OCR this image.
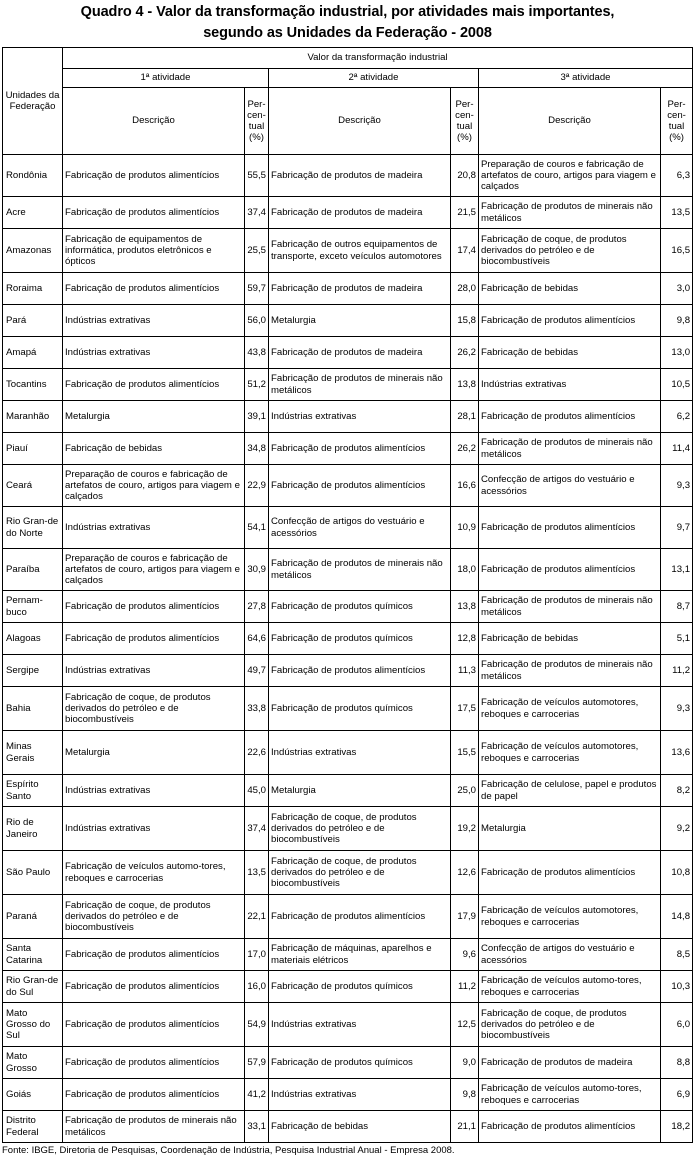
Quadro 4 - Valor da transformação industrial, por atividades mais importantes,
segundo as Unidades da Federação - 2008
Unidades da Federação	Valor da transformação industrial					
	1ª atividade		2ª atividade		3ª atividade	
	Descrição	Per-cen-tual (%)	Descrição	Per-cen-tual (%)	Descrição	Per-cen-tual (%)
Rondônia	Fabricação de produtos alimentícios	55,5	Fabricação de produtos de madeira	20,8	Preparação de couros e fabricação de artefatos de couro, artigos para viagem e calçados	6,3
Acre	Fabricação de produtos alimentícios	37,4	Fabricação de produtos de madeira	21,5	Fabricação de produtos de minerais não metálicos	13,5
Amazonas	Fabricação de equipamentos de informática, produtos eletrônicos e ópticos	25,5	Fabricação de outros equipamentos de transporte, exceto veículos automotores	17,4	Fabricação de coque, de produtos derivados do petróleo e de biocombustíveis	16,5
Roraima	Fabricação de produtos alimentícios	59,7	Fabricação de produtos de madeira	28,0	Fabricação de bebidas	3,0
Pará	Indústrias extrativas	56,0	Metalurgia	15,8	Fabricação de produtos alimentícios	9,8
Amapá	Indústrias extrativas	43,8	Fabricação de produtos de madeira	26,2	Fabricação de bebidas	13,0
Tocantins	Fabricação de produtos alimentícios	51,2	Fabricação de produtos de minerais não metálicos	13,8	Indústrias extrativas	10,5
Maranhão	Metalurgia	39,1	Indústrias extrativas	28,1	Fabricação de produtos alimentícios	6,2
Piauí	Fabricação de bebidas	34,8	Fabricação de produtos alimentícios	26,2	Fabricação de produtos de minerais não metálicos	11,4
Ceará	Preparação de couros e fabricação de artefatos de couro, artigos para viagem e calçados	22,9	Fabricação de produtos alimentícios	16,6	Confecção de artigos do vestuário e acessórios	9,3
Rio Gran-de do Norte	Indústrias extrativas	54,1	Confecção de artigos do vestuário e acessórios	10,9	Fabricação de produtos alimentícios	9,7
Paraíba	Preparação de couros e fabricação de artefatos de couro, artigos para viagem e calçados	30,9	Fabricação de produtos de minerais não metálicos	18,0	Fabricação de produtos alimentícios	13,1
Pernam-buco	Fabricação de produtos alimentícios	27,8	Fabricação de produtos químicos	13,8	Fabricação de produtos de minerais não metálicos	8,7
Alagoas	Fabricação de produtos alimentícios	64,6	Fabricação de produtos químicos	12,8	Fabricação de bebidas	5,1
Sergipe	Indústrias extrativas	49,7	Fabricação de produtos alimentícios	11,3	Fabricação de produtos de minerais não metálicos	11,2
Bahia	Fabricação de coque, de produtos derivados do petróleo e de biocombustíveis	33,8	Fabricação de produtos químicos	17,5	Fabricação de veículos automotores, reboques e carrocerias	9,3
Minas Gerais	Metalurgia	22,6	Indústrias extrativas	15,5	Fabricação de veículos automotores, reboques e carrocerias	13,6
Espírito Santo	Indústrias extrativas	45,0	Metalurgia	25,0	Fabricação de celulose, papel e produtos de papel	8,2
Rio de Janeiro	Indústrias extrativas	37,4	Fabricação de coque, de produtos derivados do petróleo e de biocombustíveis	19,2	Metalurgia	9,2
São Paulo	Fabricação de veículos automo-tores, reboques e carrocerias	13,5	Fabricação de coque, de produtos derivados do petróleo e de biocombustíveis	12,6	Fabricação de produtos alimentícios	10,8
Paraná	Fabricação de coque, de produtos derivados do petróleo e de biocombustíveis	22,1	Fabricação de produtos alimentícios	17,9	Fabricação de veículos automotores, reboques e carrocerias	14,8
Santa Catarina	Fabricação de produtos alimentícios	17,0	Fabricação de máquinas, aparelhos e materiais elétricos	9,6	Confecção de artigos do vestuário e acessórios	8,5
Rio Gran-de do Sul	Fabricação de produtos alimentícios	16,0	Fabricação de produtos químicos	11,2	Fabricação de veículos automo-tores, reboques e carrocerias	10,3
Mato Grosso do Sul	Fabricação de produtos alimentícios	54,9	Indústrias extrativas	12,5	Fabricação de coque, de produtos derivados do petróleo e de biocombustíveis	6,0
Mato Grosso	Fabricação de produtos alimentícios	57,9	Fabricação de produtos químicos	9,0	Fabricação de produtos de madeira	8,8
Goiás	Fabricação de produtos alimentícios	41,2	Indústrias extrativas	9,8	Fabricação de veículos automo-tores, reboques e carrocerias	6,9
Distrito Federal	Fabricação de produtos de minerais não metálicos	33,1	Fabricação de bebidas	21,1	Fabricação de produtos alimentícios	18,2
Fonte: IBGE, Diretoria de Pesquisas, Coordenação de Indústria, Pesquisa Industrial Anual - Empresa 2008.
